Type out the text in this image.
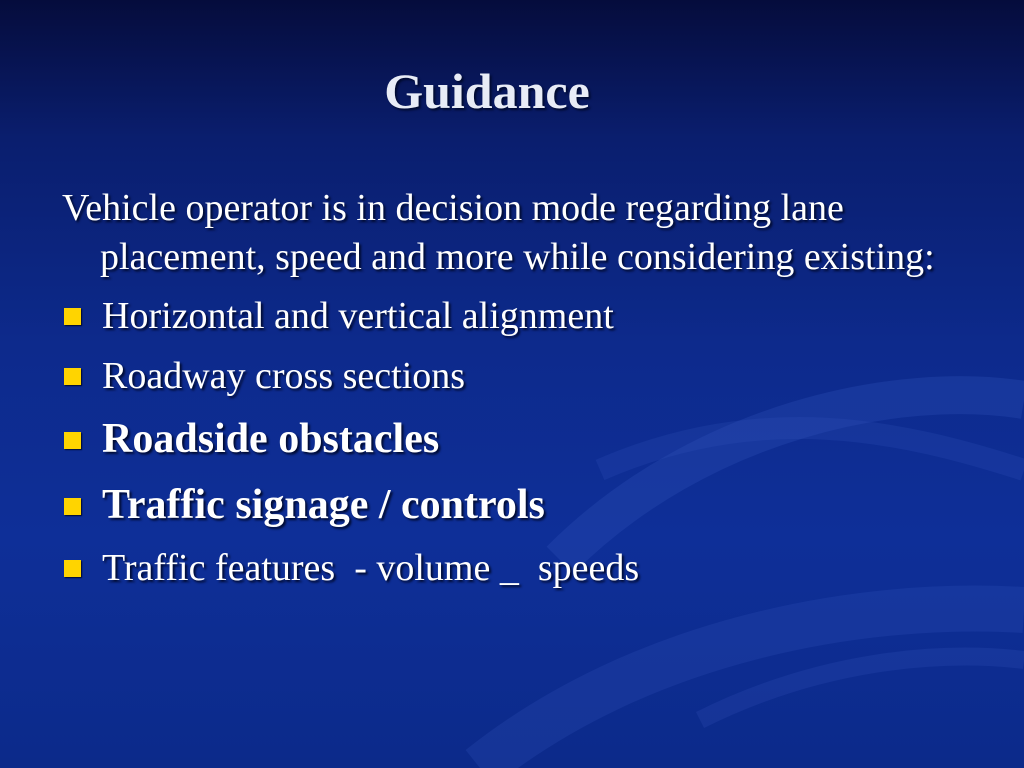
Guidance

Vehicle operator is in decision mode regarding lane placement, speed and more while considering existing:

Horizontal and vertical alignment
Roadway cross sections
Roadside obstacles
Traffic signage / controls
Traffic features  - volume _  speeds
